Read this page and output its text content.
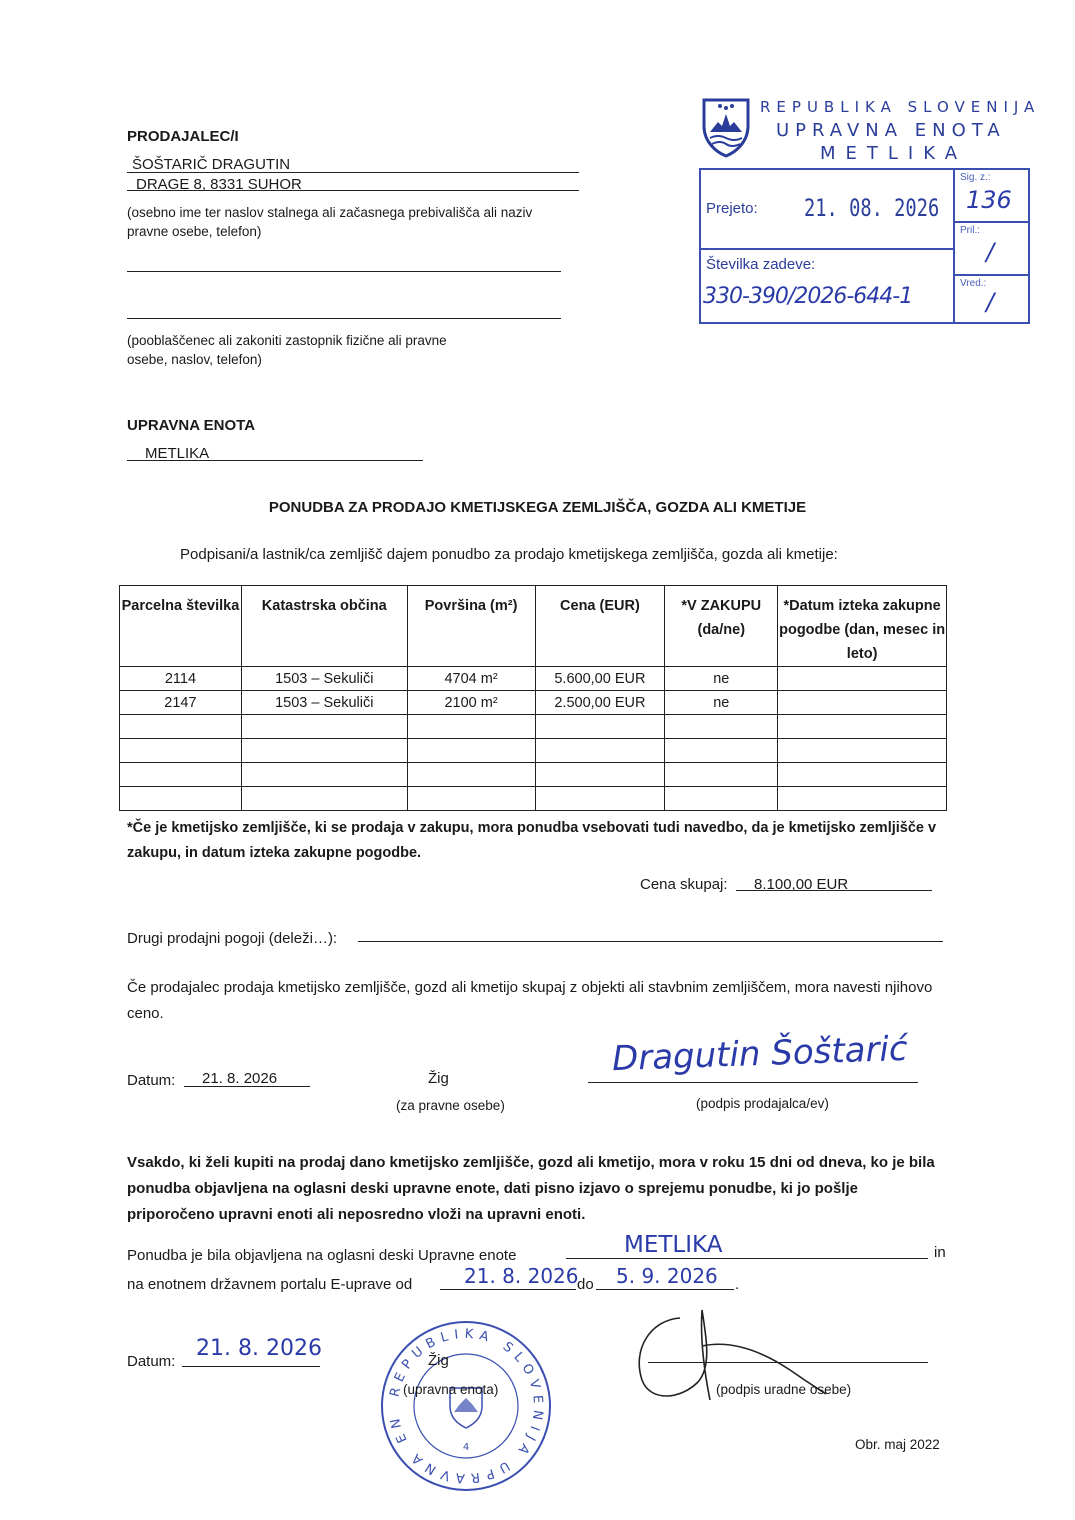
PRODAJALEC/I
ŠOŠTARIČ DRAGUTIN
DRAGE 8, 8331 SUHOR
(osebno ime ter naslov stalnega ali začasnega prebivališča ali naziv pravne osebe, telefon)
(pooblaščenec ali zakoniti zastopnik fizične ali pravne osebe, naslov, telefon)
UPRAVNA ENOTA
METLIKA
REPUBLIKA SLOVENIJA
UPRAVNA ENOTA
METLIKA
Prejeto: 21. 08. 2026
Sig. z.:
136
Pril.:
/
Vred.:
/
Številka zadeve:
330-390/2026-644-1
PONUDBA ZA PRODAJO KMETIJSKEGA ZEMLJIŠČA, GOZDA ALI KMETIJE
Podpisani/a lastnik/ca zemljišč dajem ponudbo za prodajo kmetijskega zemljišča, gozda ali kmetije:
Parcelna številka	Katastrska občina	Površina (m²)	Cena (EUR)	*V ZAKUPU (da/ne)	*Datum izteka zakupne pogodbe (dan, mesec in leto)
2114	1503 – Sekuliči	4704 m²	5.600,00 EUR	ne	
2147	1503 – Sekuliči	2100 m²	2.500,00 EUR	ne	

*Če je kmetijsko zemljišče, ki se prodaja v zakupu, mora ponudba vsebovati tudi navedbo, da je kmetijsko zemljišče v zakupu, in datum izteka zakupne pogodbe.
Cena skupaj: 8.100,00 EUR
Drugi prodajni pogoji (deleži…):
Če prodajalec prodaja kmetijsko zemljišče, gozd ali kmetijo skupaj z objekti ali stavbnim zemljiščem, mora navesti njihovo ceno.
Datum: 21. 8. 2026	Žig
(za pravne osebe)
Dragutin Šoštarić
(podpis prodajalca/ev)
Vsakdo, ki želi kupiti na prodaj dano kmetijsko zemljišče, gozd ali kmetijo, mora v roku 15 dni od dneva, ko je bila ponudba objavljena na oglasni deski upravne enote, dati pisno izjavo o sprejemu ponudbe, ki jo pošlje priporočeno upravni enoti ali neposredno vloži na upravni enoti.
Ponudba je bila objavljena na oglasni deski Upravne enote	METLIKA	in
na enotnem državnem portalu E-uprave od	21. 8. 2026
do 5. 9. 2026 .
Datum:
21. 8. 2026
REPUBLIKA SLOVENIJA UPRAVNA EN
4
Žig
(upravna enota)	(podpis uradne osebe)
Obr. maj 2022
